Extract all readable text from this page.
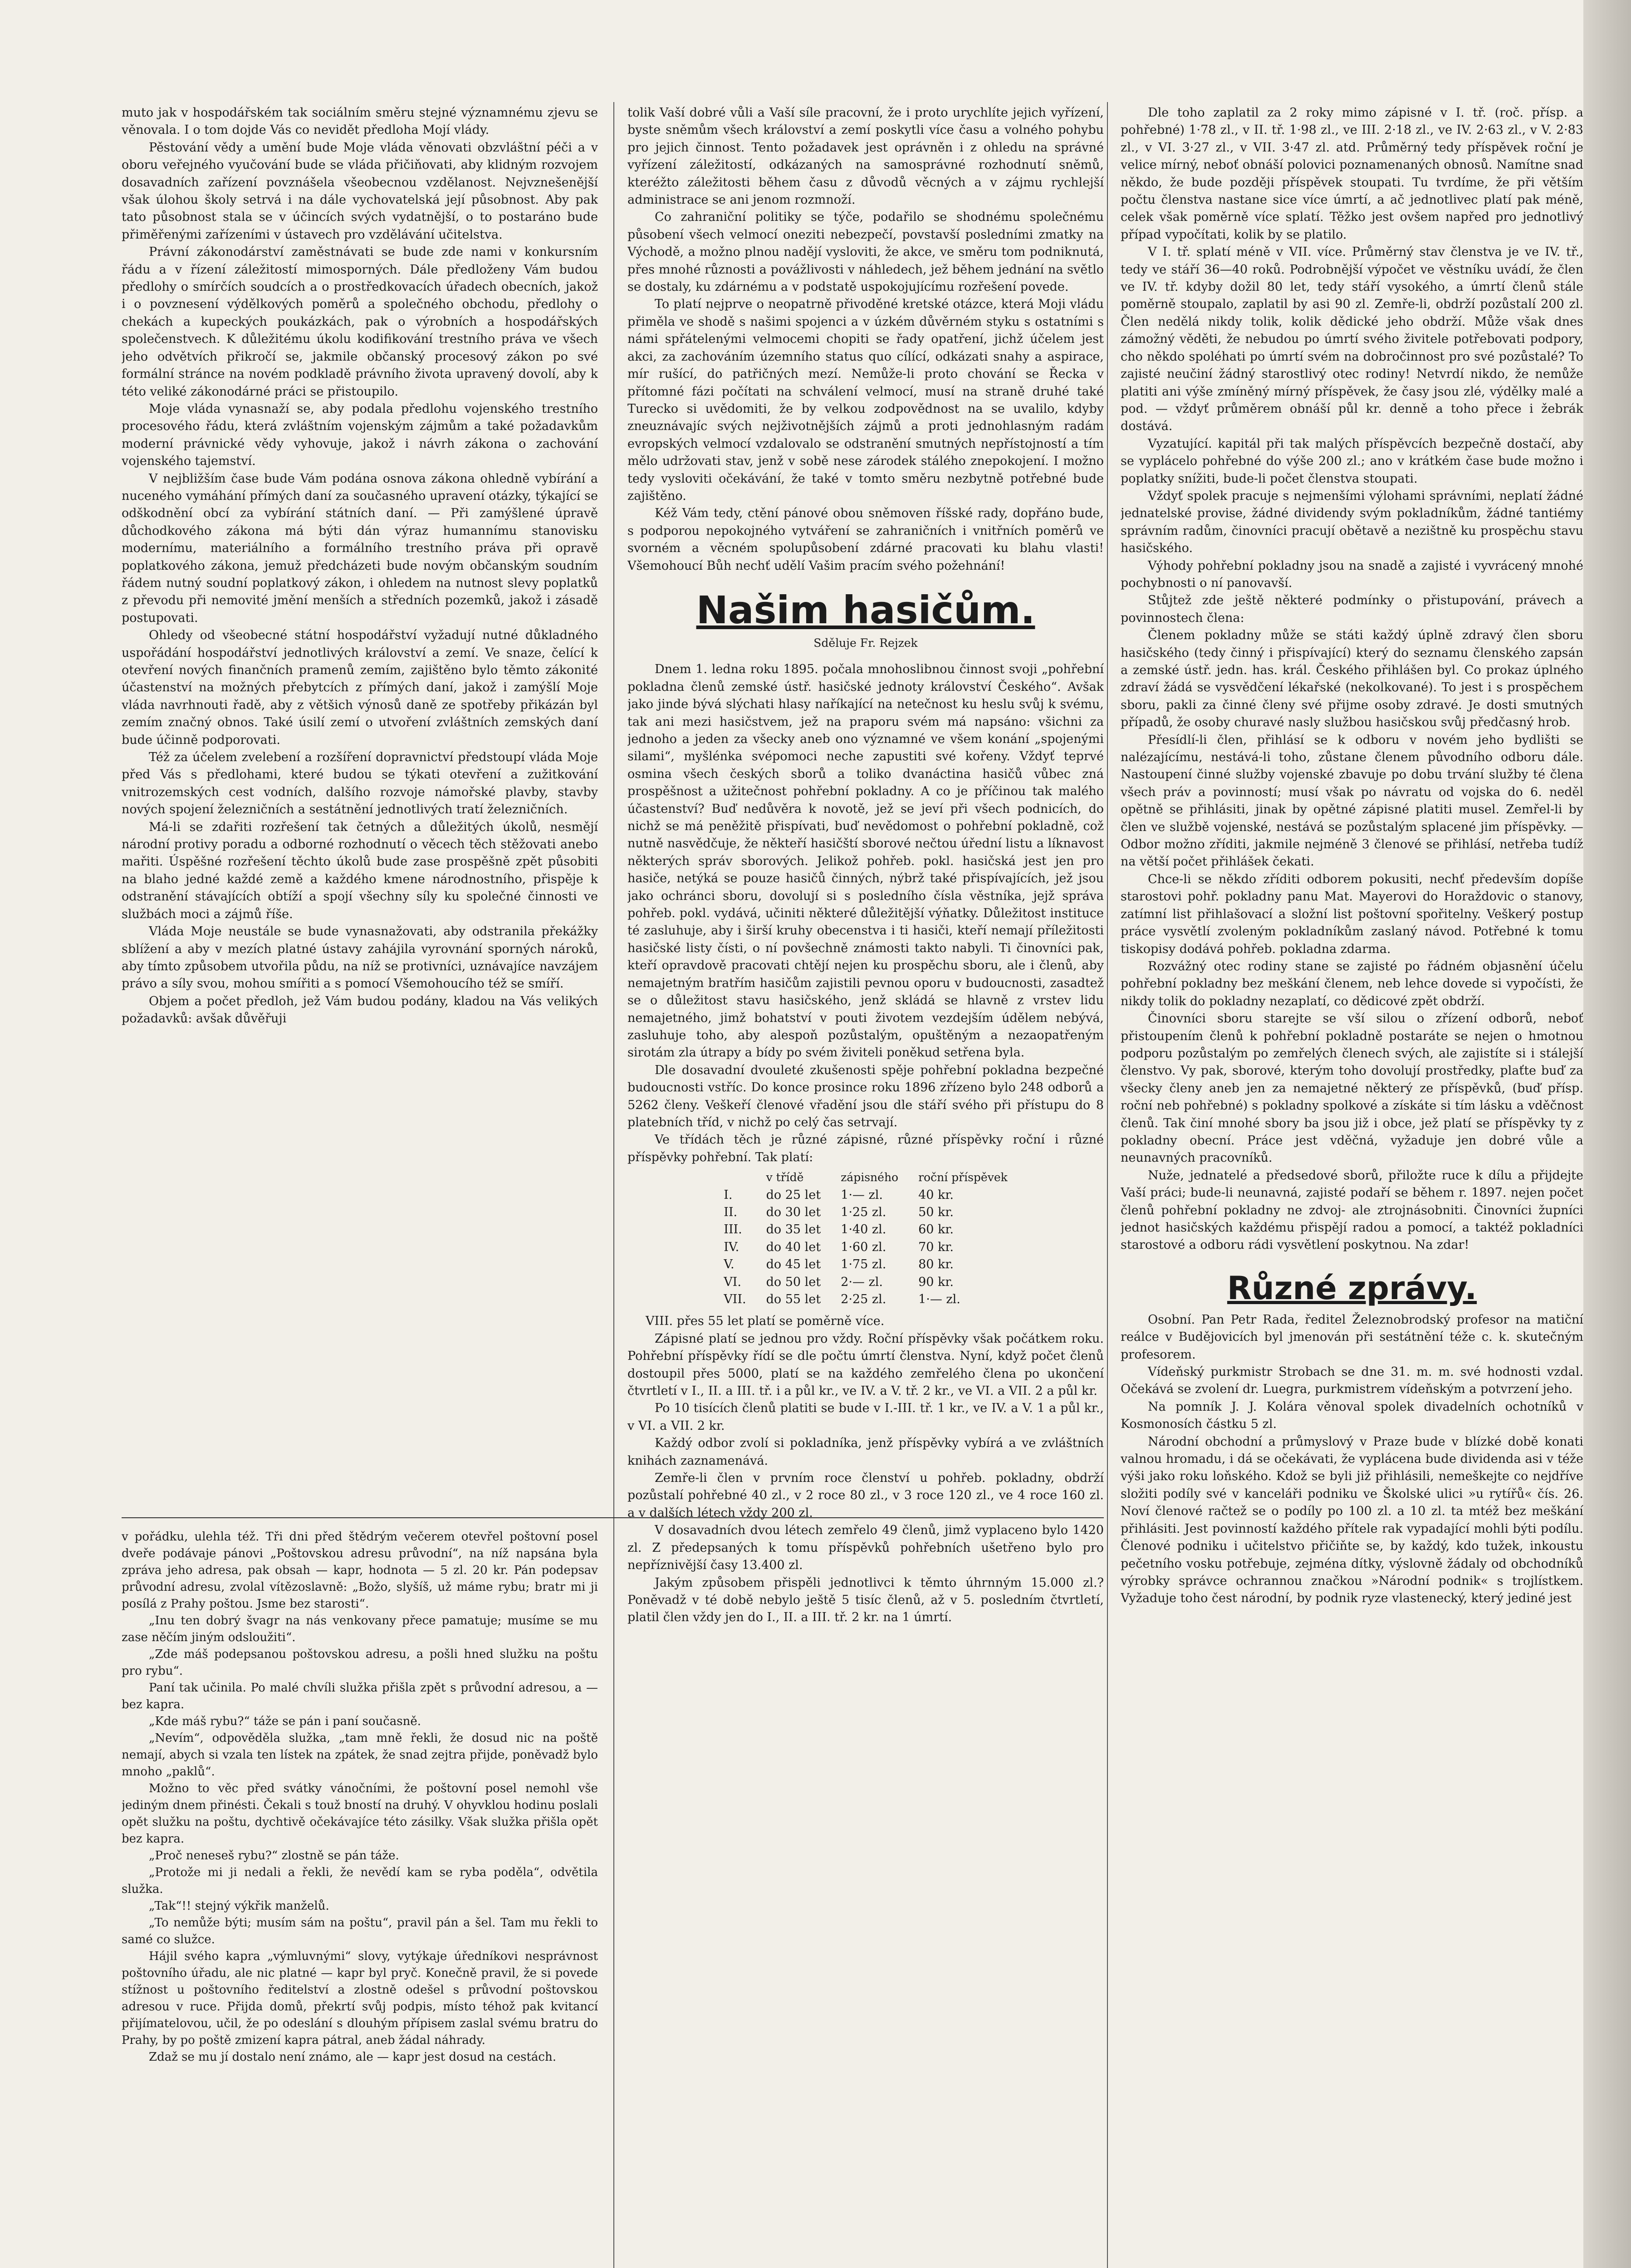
muto jak v hospodářském tak sociálním směru stejné významnému zjevu se věnovala. I o tom dojde Vás co nevidět předloha Mojí vlády.

Pěstování vědy a umění bude Moje vláda věnovati obzvláštní péči a v oboru veřejného vyučování bude se vláda přičiňovati, aby klidným rozvojem dosavadních zařízení povznášela všeobecnou vzdělanost. Nejvznešenější však úlohou školy setrvá i na dále vychovatelská její působnost. Aby pak tato působnost stala se v účincích svých vydatnější, o to postaráno bude přiměřenými zařízeními v ústavech pro vzdělávání učitelstva.

Právní zákonodárství zaměstnávati se bude zde nami v konkursním řádu a v řízení záležitostí mimosporných. Dále předloženy Vám budou předlohy o smírčích soudcích a o prostředkovacích úřadech obecních, jakož i o povznesení výdělkových poměrů a společného obchodu, předlohy o chekách a kupeckých poukázkách, pak o výrobních a hospodářských společenstvech. K důležitému úkolu kodifikování trestního práva ve všech jeho odvětvích přikročí se, jakmile občanský procesový zákon po své formální stránce na novém podkladě právního života upravený dovolí, aby k této veliké zákonodárné práci se přistoupilo.

Moje vláda vynasnaží se, aby podala předlohu vojenského trestního procesového řádu, která zvláštním vojenským zájmům a také požadavkům moderní právnické vědy vyhovuje, jakož i návrh zákona o zachování vojenského tajemství.

V nejbližším čase bude Vám podána osnova zákona ohledně vybírání a nuceného vymáhání přímých daní za současného upravení otázky, týkající se odškodnění obcí za vybírání státních daní. — Při zamýšlené úpravě důchodkového zákona má býti dán výraz humannímu stanovisku modernímu, materiálního a formálního trestního práva při opravě poplatkového zákona, jemuž předcházeti bude novým občanským soudním řádem nutný soudní poplatkový zákon, i ohledem na nutnost slevy poplatků z převodu při nemovité jmění menších a středních pozemků, jakož i zásadě postupovati.

Ohledy od všeobecné státní hospodářství vyžadují nutné důkladného uspořádání hospodářství jednotlivých království a zemí. Ve snaze, čelící k otevření nových finančních pramenů zemím, zajištěno bylo těmto zákonité účastenství na možných přebytcích z přímých daní, jakož i zamýšlí Moje vláda navrhnouti řadě, aby z většich výnosů daně ze spotřeby přikázán byl zemím značný obnos. Také úsilí zemí o utvoření zvláštních zemských daní bude účinně podporovati.

Též za účelem zvelebení a rozšíření dopravnictví předstoupí vláda Moje před Vás s předlohami, které budou se týkati otevření a zužitkování vnitrozemských cest vodních, dalšího rozvoje námořské plavby, stavby nových spojení železničních a sestátnění jednotlivých tratí železničních.

Má-li se zdařiti rozřešení tak četných a důležitých úkolů, nesmějí národní protivy poradu a odborné rozhodnutí o věcech těch stěžovati anebo mařiti. Úspěšné rozřešení těchto úkolů bude zase prospěšně zpět působiti na blaho jedné každé země a každého kmene národnostního, přispěje k odstranění stávajících obtíží a spojí všechny síly ku společné činnosti ve službách moci a zájmů říše.

Vláda Moje neustále se bude vynasnažovati, aby odstranila překážky sblížení a aby v mezích platné ústavy zahájila vyrovnání sporných nároků, aby tímto způsobem utvořila půdu, na níž se protivníci, uznávajíce navzájem právo a síly svou, mohou smířiti a s pomocí Všemohoucího též se smíří.

Objem a počet předloh, jež Vám budou podány, kladou na Vás velikých požadavků: avšak důvěřuji

v pořádku, ulehla též. Tři dni před štědrým večerem otevřel poštovní posel dveře podávaje pánovi „Poštovskou adresu průvodní“, na níž napsána byla zpráva jeho adresa, pak obsah — kapr, hodnota — 5 zl. 20 kr. Pán podepsav průvodní adresu, zvolal vítězoslavně: „Božo, slyšíš, už máme rybu; bratr mi ji posílá z Prahy poštou. Jsme bez starosti“.

„Inu ten dobrý švagr na nás venkovany přece pamatuje; musíme se mu zase něčím jiným odsloužiti“.

„Zde máš podepsanou poštovskou adresu, a pošli hned služku na poštu pro rybu“.

Paní tak učinila. Po malé chvíli služka přišla zpět s průvodní adresou, a — bez kapra.

„Kde máš rybu?“ táže se pán i paní současně.

„Nevím“, odpověděla služka, „tam mně řekli, že dosud nic na poště nemají, abych si vzala ten lístek na zpátek, že snad zejtra přijde, poněvadž bylo mnoho „paklů“.

Možno to věc před svátky vánočními, že poštovní posel nemohl vše jediným dnem přinésti. Čekali s touž bností na druhý. V ohyvklou hodinu poslali opět služku na poštu, dychtivě očekávajíce této zásilky. Však služka přišla opět bez kapra.

„Proč neneseš rybu?“ zlostně se pán táže.

„Protože mi ji nedali a řekli, že nevědí kam se ryba poděla“, odvětila služka.

„Tak“!! stejný výkřik manželů.

„To nemůže býti; musím sám na poštu“, pravil pán a šel. Tam mu řekli to samé co služce.

Hájil svého kapra „výmluvnými“ slovy, vytýkaje úředníkovi nesprávnost poštovního úřadu, ale nic platné — kapr byl pryč. Konečně pravil, že si povede stížnost u poštovního ředitelství a zlostně odešel s průvodní poštovskou adresou v ruce. Přijda domů, překrtí svůj podpis, místo téhož pak kvitancí přijímatelovou, učil, že po odeslání s dlouhým přípisem zaslal svému bratru do Prahy, by po poště zmizení kapra pátral, aneb žádal náhrady.

Zdaž se mu jí dostalo není známo, ale — kapr jest dosud na cestách.

tolik Vaší dobré vůli a Vaší síle pracovní, že i proto urychlíte jejich vyřízení, byste sněmům všech království a zemí poskytli více času a volného pohybu pro jejich činnost. Tento požadavek jest oprávněn i z ohledu na správné vyřízení záležitostí, odkázaných na samosprávné rozhodnutí sněmů, kteréžto záležitosti během času z důvodů věcných a v zájmu rychlejší administrace se ani jenom rozmnoží.

Co zahraniční politiky se týče, podařilo se shodnému společnému působení všech velmocí oneziti nebezpečí, povstavší posledními zmatky na Východě, a možno plnou nadějí vysloviti, že akce, ve směru tom podniknutá, přes mnohé různosti a povážlivosti v náhledech, jež během jednání na světlo se dostaly, ku zdárnému a v podstatě uspokojujícímu rozřešení povede.

To platí nejprve o neopatrně přivoděné kretské otázce, která Moji vládu přiměla ve shodě s našimi spojenci a v úzkém důvěrném styku s ostatními s námi spřátelenými velmocemi chopiti se řady opatření, jichž účelem jest akci, za zachováním územního status quo cílící, odkázati snahy a aspirace, mír rušící, do patřičných mezí. Nemůže-li proto chování se Řecka v přítomné fázi počítati na schválení velmocí, musí na straně druhé také Turecko si uvědomiti, že by velkou zodpovědnost na se uvalilo, kdyby zneuznávajíc svých nejživotnějších zájmů a proti jednohlasným radám evropských velmocí vzdalovalo se odstranění smutných nepřístojností a tím mělo udržovati stav, jenž v sobě nese zárodek stálého znepokojení. I možno tedy vysloviti očekávání, že také v tomto směru nezbytně potřebné bude zajištěno.

Kéž Vám tedy, ctění pánové obou sněmoven říšské rady, dopřáno bude, s podporou nepokojného vytváření se zahraničních i vnitřních poměrů ve svorném a věcném spolupůsobení zdárné pracovati ku blahu vlasti! Všemohoucí Bůh nechť udělí Vašim pracím svého požehnání!

Našim hasičům.
Sdělujе Fr. Rejzek

Dnem 1. ledna roku 1895. počala mnohoslibnou činnost svoji „pohřební pokladna členů zemské ústř. hasičské jednoty království Českého“. Avšak jako jinde bývá slýchati hlasy naříkající na netečnost ku heslu svůj k svému, tak ani mezi hasičstvem, jež na praporu svém má napsáno: všichni za jednoho a jeden za všecky aneb ono významné ve všem konání „spojenými silami“, myšlénka svépomoci neche zapustiti své kořeny. Vždyť teprvé osmina všech českých sborů a toliko dvanáctina hasičů vůbec zná prospěšnost a užitečnost pohřební pokladny. A co je příčinou tak malého účastenství? Buď nedůvěra k novotě, jež se jeví při všech podnicích, do nichž se má peněžitě přispívati, buď nevědomost o pohřební pokladně, což nutně nasvědčuje, že někteří hasičští sborové nečtou úřední listu a líknavost některých správ sborových. Jelikož pohřeb. pokl. hasičská jest jen pro hasiče, netýká se pouze hasičů činných, nýbrž také přispívajících, jež jsou jako ochránci sboru, dovolují si s posledního čísla věstníka, jejž správa pohřeb. pokl. vydává, učiniti některé důležitější výňatky. Důležitost instituce té zasluhuje, aby i širší kruhy obecenstva i ti hasiči, kteří nemají příležitosti hasičské listy čísti, o ní povšechně známosti takto nabyli. Ti činovníci pak, kteří opravdově pracovati chtějí nejen ku prospěchu sboru, ale i členů, aby nemajetným bratřím hasičům zajistili pevnou oporu v budoucnosti, zasadtež se o důležitost stavu hasičského, jenž skládá se hlavně z vrstev lidu nemajetného, jimž bohatství v pouti životem vezdejším údělem nebývá, zasluhuje toho, aby alespoň pozůstalým, opuštěným a nezaopatřeným sirotám zla útrapy a bídy po svém živiteli poněkud setřena byla.

Dle dosavadní dvouleté zkušenosti spěje pohřební pokladna bezpečné budoucnosti vstříc. Do konce prosince roku 1896 zřízeno bylo 248 odborů a 5262 členy. Veškeří členové vřadění jsou dle stáří svého při přístupu do 8 platebních tříd, v nichž po celý čas setrvají.

Ve třídách těch je různé zápisné, různé příspěvky roční i různé příspěvky pohřební. Tak platí:

	v třídě	zápisného	roční příspěvek
I.	do 25 let	1·— zl.	40 kr.
II.	do 30 let	1·25 zl.	50 kr.
III.	do 35 let	1·40 zl.	60 kr.
IV.	do 40 let	1·60 zl.	70 kr.
V.	do 45 let	1·75 zl.	80 kr.
VI.	do 50 let	2·— zl.	90 kr.
VII.	do 55 let	2·25 zl.	1·— zl.

VIII. přes 55 let platí se poměrně více.

Zápisné platí se jednou pro vždy. Roční příspěvky však počátkem roku. Pohřební příspěvky řídí se dle počtu úmrtí členstva. Nyní, když počet členů dostoupil přes 5000, platí se na každého zemřelého člena po ukončení čtvrtletí v I., II. a III. tř. i a půl kr., ve IV. a V. tř. 2 kr., ve VI. a VII. 2 a půl kr.

Po 10 tisících členů platiti se bude v I.-III. tř. 1 kr., ve IV. a V. 1 a půl kr., v VI. a VII. 2 kr.

Každý odbor zvolí si pokladníka, jenž příspěvky vybírá a ve zvláštních knihách zaznamenává.

Zemře-li člen v prvním roce členství u pohřeb. pokladny, obdrží pozůstalí pohřebné 40 zl., v 2 roce 80 zl., v 3 roce 120 zl., ve 4 roce 160 zl. a v dalších létech vždy 200 zl.

V dosavadních dvou létech zemřelo 49 členů, jimž vyplaceno bylo 1420 zl. Z předepsaných k tomu příspěvků pohřebních ušetřeno bylo pro nepříznivější časy 13.400 zl.

Jakým způsobem přispěli jednotlivci k těmto úhrnným 15.000 zl.? Poněvadž v té době nebylo ještě 5 tisíc členů, až v 5. posledním čtvrtletí, platil člen vždy jen do I., II. a III. tř. 2 kr. na 1 úmrtí.

Dle toho zaplatil za 2 roky mimo zápisné v I. tř. (roč. přísp. a pohřebné) 1·78 zl., v II. tř. 1·98 zl., ve III. 2·18 zl., ve IV. 2·63 zl., v V. 2·83 zl., v VI. 3·27 zl., v VII. 3·47 zl. atd. Průměrný tedy příspěvek roční je velice mírný, neboť obnáší polovici poznamenaných obnosů. Namítne snad někdo, že bude později příspěvek stoupati. Tu tvrdíme, že při větším počtu členstva nastane sice více úmrtí, a ač jednotlivec platí pak méně, celek však poměrně více splatí. Těžko jest ovšem napřed pro jednotlivý případ vypočítati, kolik by se platilo.

V I. tř. splatí méně v VII. více. Průměrný stav členstva je ve IV. tř., tedy ve stáří 36—40 roků. Podrobnější výpočet ve věstníku uvádí, že člen ve IV. tř. kdyby dožil 80 let, tedy stáří vysokého, a úmrtí členů stále poměrně stoupalo, zaplatil by asi 90 zl. Zemře-li, obdrží pozůstalí 200 zl. Člen nedělá nikdy tolik, kolik dědické jeho obdrží. Může však dnes zámožný věděti, že nebudou po úmrtí svého živitele potřebovati podpory, cho někdo spoléhati po úmrtí svém na dobročinnost pro své pozůstalé? To zajisté neučiní žádný starostlivý otec rodiny! Netvrdí nikdo, že nemůže platiti ani výše zmíněný mírný příspěvek, že časy jsou zlé, výdělky malé a pod. — vždyť průměrem obnáší půl kr. denně a toho přece i žebrák dostává.

Vyzatující. kapitál při tak malých příspěvcích bezpečně dostačí, aby se vyplácelo pohřebné do výše 200 zl.; ano v krátkém čase bude možno i poplatky snížiti, bude-li počet členstva stoupati.

Vždyť spolek pracuje s nejmenšími výlohami správními, neplatí žádné jednatelské provise, žádné dividendy svým pokladníkům, žádné tantiémy správním radům, činovníci pracují obětavě a nezištně ku prospěchu stavu hasičského.

Výhody pohřební pokladny jsou na snadě a zajisté i vyvrácený mnohé pochybnosti o ní panovavší.

Stůjtež zde ještě některé podmínky o přistupování, právech a povinnostech člena:

Členem pokladny může se státi každý úplně zdravý člen sboru hasičského (tedy činný i přispívající) který do seznamu členského zapsán a zemské ústř. jedn. has. král. Českého přihlášen byl. Co prokaz úplného zdraví žádá se vysvědčení lékařské (nekolkované). To jest i s prospěchem sboru, pakli za činné členy své přijme osoby zdravé. Je dosti smutných případů, že osoby churavé nasly službou hasičskou svůj předčasný hrob.

Přesídlí-li člen, přihlásí se k odboru v novém jeho bydlišti se nalézajícímu, nestává-li toho, zůstane členem původního odboru dále. Nastoupení činné služby vojenské zbavuje po dobu trvání služby té člena všech práv a povinností; musí však po návratu od vojska do 6. neděl opětně se přihlásiti, jinak by opětné zápisné platiti musel. Zemřel-li by člen ve službě vojenské, nestává se pozůstalým splacené jim příspěvky. — Odbor možno zříditi, jakmile nejméně 3 členové se přihlásí, netřeba tudíž na větší počet přihlášek čekati.

Chce-li se někdo zříditi odborem pokusiti, nechť především dopíše starostovi pohř. pokladny panu Mat. Mayerovi do Horaždovic o stanovy, zatímní list přihlašovací a složní list poštovní spořitelny. Veškerý postup práce vysvětlí zvoleným pokladníkům zaslaný návod. Potřebné k tomu tiskopisy dodává pohřeb. pokladna zdarma.

Rozvážný otec rodiny stane se zajisté po řádném objasnění účelu pohřební pokladny bez meškání členem, neb lehce dovede si vypočísti, že nikdy tolik do pokladny nezaplatí, co dědicové zpět obdrží.

Činovníci sboru starejte se vší silou o zřízení odborů, neboť přistoupením členů k pohřební pokladně postaráte se nejen o hmotnou podporu pozůstalým po zemřelých členech svých, ale zajistíte si i stálejší členstvo. Vy pak, sborové, kterým toho dovolují prostředky, plaťte buď za všecky členy aneb jen za nemajetné některý ze příspěvků, (buď přísp. roční neb pohřebné) s pokladny spolkové a získáte si tím lásku a vděčnost členů. Tak činí mnohé sbory ba jsou již i obce, jež platí se příspěvky ty z pokladny obecní. Práce jest vděčná, vyžaduje jen dobré vůle a neunavných pracovníků.

Nuže, jednatelé a předsedové sborů, přiložte ruce k dílu a přijdejte Vaší práci; bude-li neunavná, zajisté podaří se během r. 1897. nejen počet členů pohřební pokladny ne zdvoj- ale ztrojnásobniti. Činovníci župníci jednot hasičských každému přispějí radou a pomocí, a taktéž pokladníci starostové a odboru rádi vysvětlení poskytnou. Na zdar!

Různé zprávy.

Osobní. Pan Petr Rada, ředitel Železnobrodský profesor na matiční reálce v Budějovicích byl jmenován při sestátnění téže c. k. skutečným profesorem.

Vídeňský purkmistr Strobach se dne 31. m. m. své hodnosti vzdal. Očekává se zvolení dr. Luegra, purkmistrem vídeňským a potvrzení jeho.

Na pomník J. J. Kolára věnoval spolek divadelních ochotníků v Kosmonosích částku 5 zl.

Národní obchodní a průmyslový v Praze bude v blízké době konati valnou hromadu, i dá se očekávati, že vyplácena bude dividenda asi v téže výši jako roku loňského. Kdož se byli již přihlásili, nemeškejte co nejdříve složiti podíly své v kanceláři podniku ve Školské ulici »u rytířů« čís. 26. Noví členové račtež se o podíly po 100 zl. a 10 zl. ta mtéž bez meškání přihlásiti. Jest povinností každého přítele rak vypadající mohli býti podílu. Členové podniku i učitelstvo přičiňte se, by každý, kdo tužek, inkoustu pečetního vosku potřebuje, zejména dítky, výslovně žádaly od obchodníků výrobky správce ochrannou značkou »Národní podnik« s trojlístkem. Vyžaduje toho čest národní, by podnik ryze vlastenecký, který jediné jest
